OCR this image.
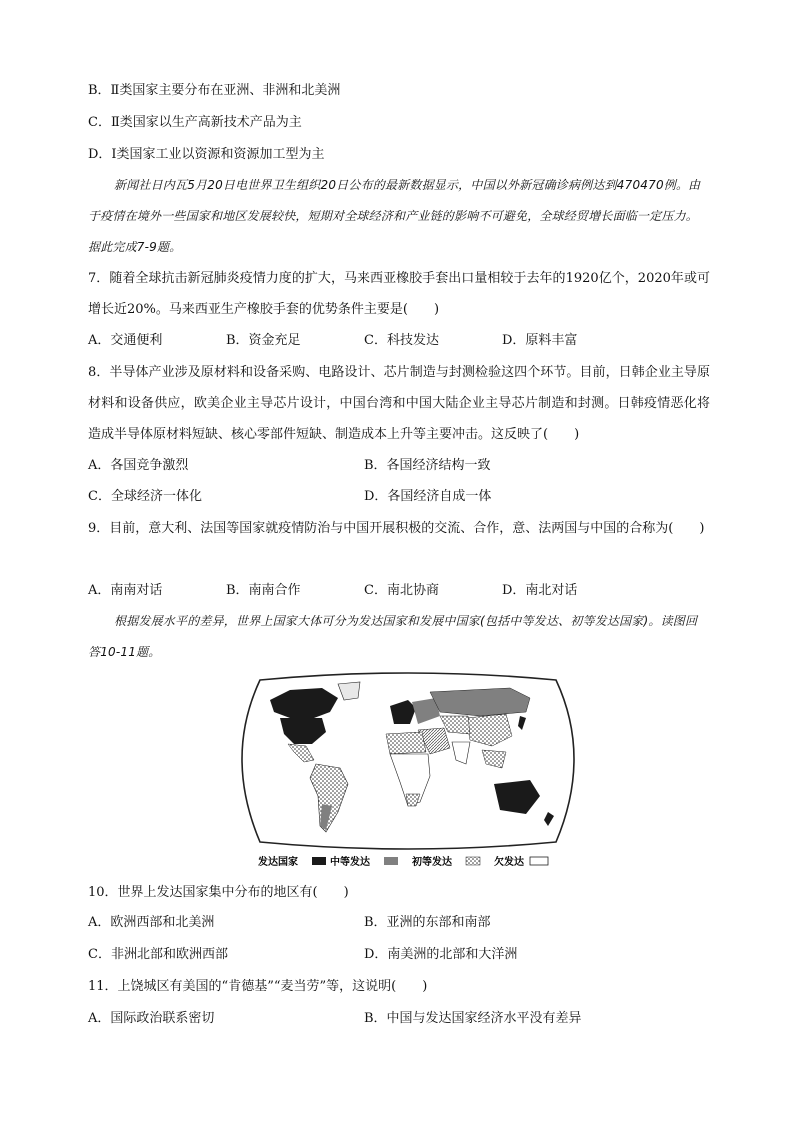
B．Ⅱ类国家主要分布在亚洲、非洲和北美洲
C．Ⅱ类国家以生产高新技术产品为主
D．Ⅰ类国家工业以资源和资源加工型为主
新闻社日内瓦5月20日电世界卫生组织20日公布的最新数据显示，中国以外新冠确诊病例达到470470例。由于疫情在境外一些国家和地区发展较快，短期对全球经济和产业链的影响不可避免，全球经贸增长面临一定压力。据此完成7-9题。
7．随着全球抗击新冠肺炎疫情力度的扩大，马来西亚橡胶手套出口量相较于去年的1920亿个，2020年或可增长近20%。马来西亚生产橡胶手套的优势条件主要是(　　)
A．交通便利	B．资金充足	C．科技发达	D．原料丰富
8．半导体产业涉及原材料和设备采购、电路设计、芯片制造与封测检验这四个环节。目前，日韩企业主导原材料和设备供应，欧美企业主导芯片设计，中国台湾和中国大陆企业主导芯片制造和封测。日韩疫情恶化将造成半导体原材料短缺、核心零部件短缺、制造成本上升等主要冲击。这反映了(　　)
A．各国竞争激烈	B．各国经济结构一致
C．全球经济一体化	D．各国经济自成一体
9．目前，意大利、法国等国家就疫情防治与中国开展积极的交流、合作，意、法两国与中国的合称为(　　)
A．南南对话	B．南南合作	C．南北协商	D．南北对话
根据发展水平的差异，世界上国家大体可分为发达国家和发展中国家(包括中等发达、初等发达国家)。读图回答10-11题。
发达国家	中等发达	初等发达	欠发达
10．世界上发达国家集中分布的地区有(　　)
A．欧洲西部和北美洲	B．亚洲的东部和南部
C．非洲北部和欧洲西部	D．南美洲的北部和大洋洲
11．上饶城区有美国的“肯德基”“麦当劳”等，这说明(　　)
A．国际政治联系密切	B．中国与发达国家经济水平没有差异
